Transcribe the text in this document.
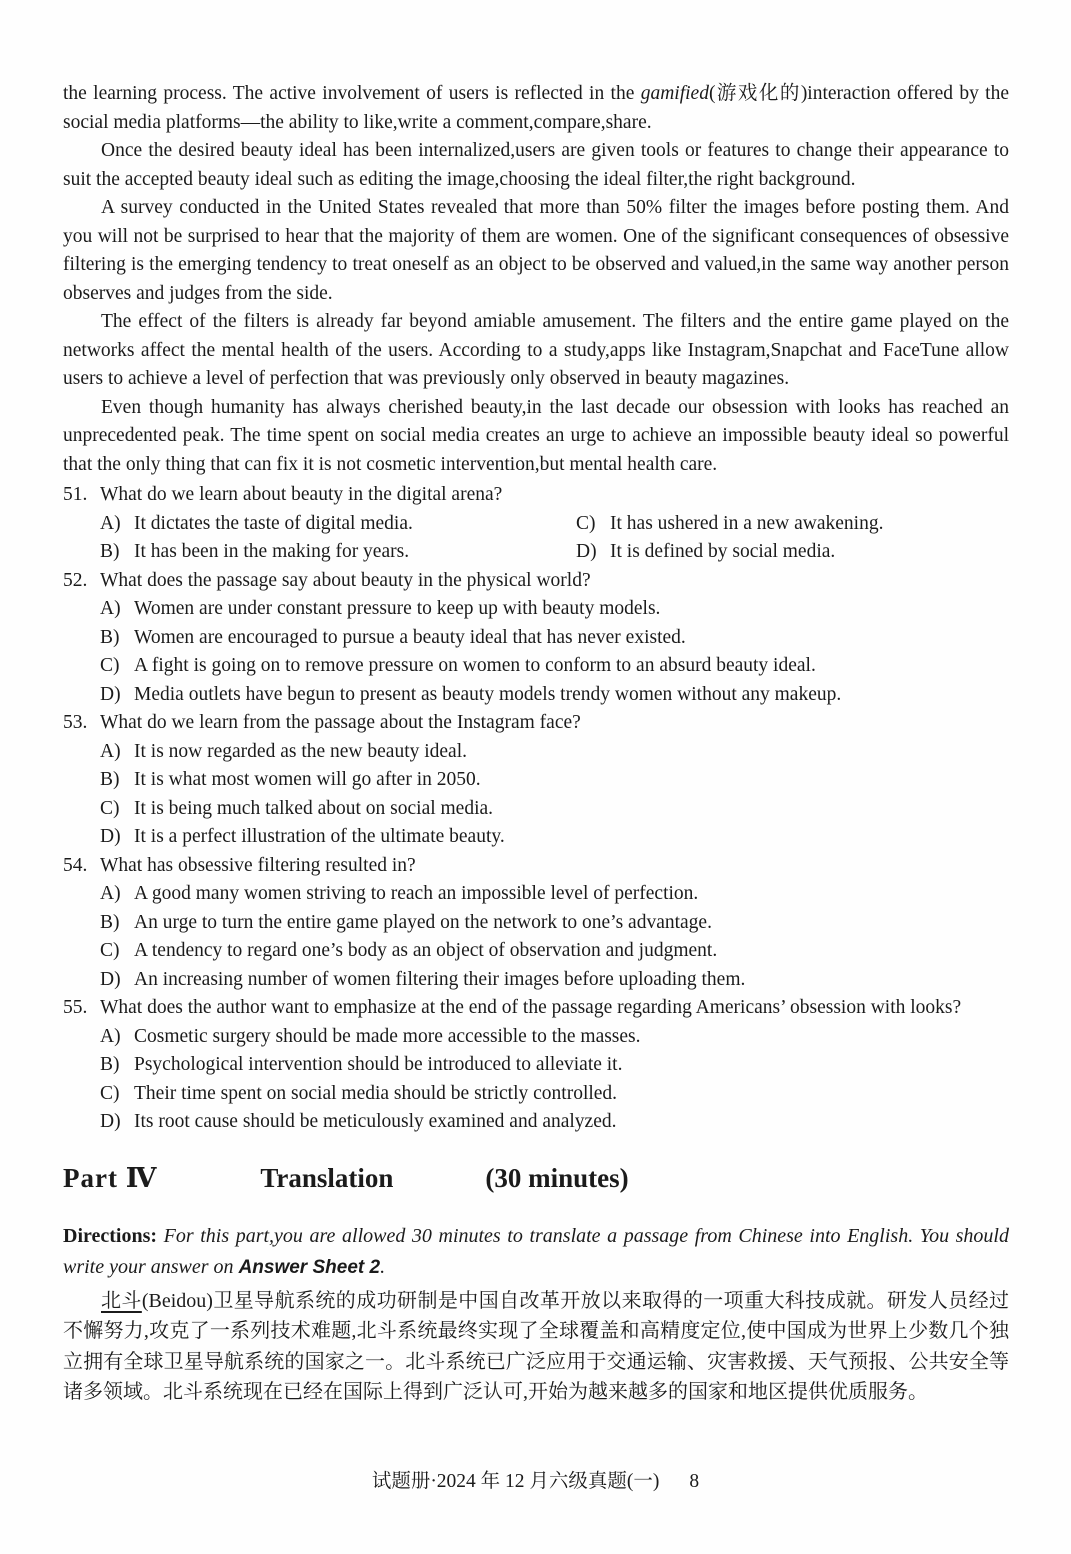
the learning process. The active involvement of users is reflected in the gamified(游戏化的)interaction offered by the social media platforms—the ability to like,write a comment,compare,share.

Once the desired beauty ideal has been internalized,users are given tools or features to change their appearance to suit the accepted beauty ideal such as editing the image,choosing the ideal filter,the right background.

A survey conducted in the United States revealed that more than 50% filter the images before posting them. And you will not be surprised to hear that the majority of them are women. One of the significant consequences of obsessive filtering is the emerging tendency to treat oneself as an object to be observed and valued,in the same way another person observes and judges from the side.

The effect of the filters is already far beyond amiable amusement. The filters and the entire game played on the networks affect the mental health of the users. According to a study,apps like Instagram,Snapchat and FaceTune allow users to achieve a level of perfection that was previously only observed in beauty magazines.

Even though humanity has always cherished beauty,in the last decade our obsession with looks has reached an unprecedented peak. The time spent on social media creates an urge to achieve an impossible beauty ideal so powerful that the only thing that can fix it is not cosmetic intervention,but mental health care.

51. What do we learn about beauty in the digital arena?
A) It dictates the taste of digital media.	C) It has ushered in a new awakening.
B) It has been in the making for years.	D) It is defined by social media.
52. What does the passage say about beauty in the physical world?
A) Women are under constant pressure to keep up with beauty models.
B) Women are encouraged to pursue a beauty ideal that has never existed.
C) A fight is going on to remove pressure on women to conform to an absurd beauty ideal.
D) Media outlets have begun to present as beauty models trendy women without any makeup.
53. What do we learn from the passage about the Instagram face?
A) It is now regarded as the new beauty ideal.
B) It is what most women will go after in 2050.
C) It is being much talked about on social media.
D) It is a perfect illustration of the ultimate beauty.
54. What has obsessive filtering resulted in?
A) A good many women striving to reach an impossible level of perfection.
B) An urge to turn the entire game played on the network to one’s advantage.
C) A tendency to regard one’s body as an object of observation and judgment.
D) An increasing number of women filtering their images before uploading them.
55. What does the author want to emphasize at the end of the passage regarding Americans’ obsession with looks?
A) Cosmetic surgery should be made more accessible to the masses.
B) Psychological intervention should be introduced to alleviate it.
C) Their time spent on social media should be strictly controlled.
D) Its root cause should be meticulously examined and analyzed.
Part Ⅳ	Translation	(30 minutes)

Directions: For this part,you are allowed 30 minutes to translate a passage from Chinese into English. You should write your answer on Answer Sheet 2.

北斗(Beidou)卫星导航系统的成功研制是中国自改革开放以来取得的一项重大科技成就。研发人员经过不懈努力,攻克了一系列技术难题,北斗系统最终实现了全球覆盖和高精度定位,使中国成为世界上少数几个独立拥有全球卫星导航系统的国家之一。北斗系统已广泛应用于交通运输、灾害救援、天气预报、公共安全等诸多领域。北斗系统现在已经在国际上得到广泛认可,开始为越来越多的国家和地区提供优质服务。

试题册·2024 年 12 月六级真题(一) 8
